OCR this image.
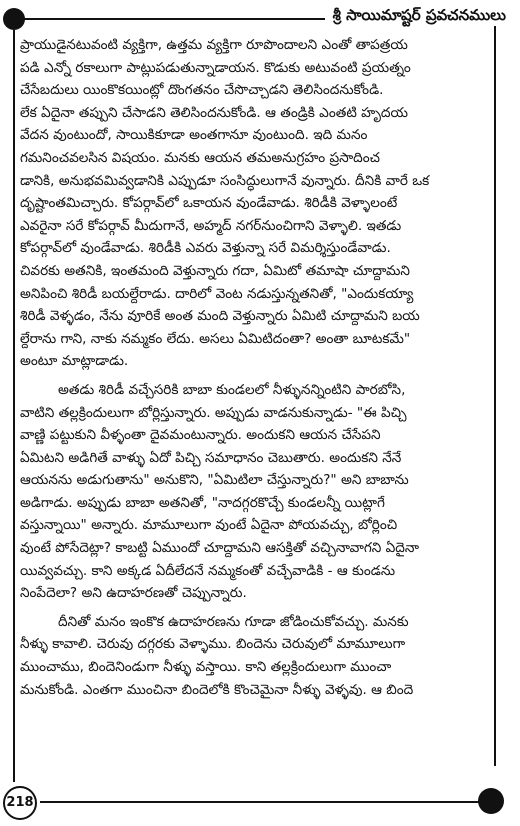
శ్రీ సాయిమాష్టర్ ప్రవచనములు
ప్రాయుడైనటువంటి వ్యక్తిగా, ఉత్తమ వ్యక్తిగా రూపొందాలని ఎంతో తాపత్రయ
పడి ఎన్నో రకాలుగా పాట్లుపడుతున్నాడాయన. కొడుకు అటువంటి ప్రయత్నం
చేసేబదులు యింకొకయింట్లో దొంగతనం చేసొచ్చాడని తెలిసిందనుకోండి.
లేక ఏదైనా తప్పుని చేసాడని తెలిసిందనుకోండి. ఆ తండ్రికి ఎంతటి హృదయ
వేదన వుంటుందో, సాయికికూడా అంతగానూ వుంటుంది. ఇది మనం
గమనించవలసిన విషయం. మనకు ఆయన తమఅనుగ్రహం ప్రసాదించ
డానికి, అనుభవమివ్వడానికి ఎప్పుడూ సంసిద్ధులుగానే వున్నారు. దీనికి వారే ఒక
దృష్టాంతమిచ్చారు. కోపర్గావ్‌లో ఒకాయన వుండేవాడు. శిరిడీకి వెళ్ళాలంటే
ఎవరైనా సరే కోపర్గావ్ మీదుగానే, అహ్మద్ నగర్‌నుంచిగాని వెళ్ళాలి. ఇతడు
కోపర్గావ్‌లో వుండేవాడు. శిరిడీకి ఎవరు వెళ్తున్నా సరే విమర్శిస్తుండేవాడు.
చివరకు అతనికి, ఇంతమంది వెళ్తున్నారు గదా, ఏమిటో తమాషా చూద్దామని
అనిపించి శిరిడీ బయల్దేరాడు. దారిలో వెంట నడుస్తున్నతనితో, "ఎందుకయ్యా
శిరిడీ వెళ్ళడం, నేను వూరికే అంత మంది వెళ్తున్నారు ఏమిటి చూద్దామని బయ
ల్దేరాను గాని, నాకు నమ్మకం లేదు. అసలు ఏమిటిదంతా? అంతా బూటకమే"
అంటూ మాట్లాడాడు.
అతడు శిరిడీ వచ్చేసరికి బాబా కుండలలో నీళ్ళునన్నింటిని పారబోసి,
వాటిని తల్లక్రిందులుగా బోర్లిస్తున్నారు. అప్పుడు వాడనుకున్నాడు- "ఈ పిచ్చి
వాణ్ణి పట్టుకుని వీళ్ళంతా దైవమంటున్నారు. అందుకని ఆయన చేసేపని
ఏమిటని అడిగితే వాళ్ళు ఏదో పిచ్చి సమాధానం చెబుతారు. అందుకని నేనే
ఆయనను అడుగుతాను" అనుకొని, "ఏమిటిలా చేస్తున్నారు?" అని బాబాను
అడిగాడు. అప్పుడు బాబా అతనితో, "నాదగ్గరకొచ్చే కుండలన్నీ యిట్లాగే
వస్తున్నాయి" అన్నారు. మామూలుగా వుంటే ఏదైనా పోయవచ్చు, బోర్లించి
వుంటే పోసేదెట్లా? కాబట్టి ఏముందో చూద్దామని ఆసక్తితో వచ్చినావాగని ఏదైనా
యివ్వవచ్చు. కాని అక్కడ ఏదీలేదనే నమ్మకంతో వచ్చేవాడికి - ఆ కుండను
నింపేదెలా? అని ఉదాహరణతో చెప్పున్నారు.
దీనితో మనం ఇంకొక ఉదాహరణను గూడా జోడించుకోవచ్చు. మనకు
నీళ్ళు కావాలి. చెరువు దగ్గరకు వెళ్ళాము. బిందెను చెరువులో మామూలుగా
ముంచాము, బిందెనిండుగా నీళ్ళు వస్తాయి. కాని తల్లక్రిందులుగా ముంచా
మనుకోండి. ఎంతగా ముంచినా బిందెలోకి కొంచెమైనా నీళ్ళు వెళ్ళవు. ఆ బిందె
218
